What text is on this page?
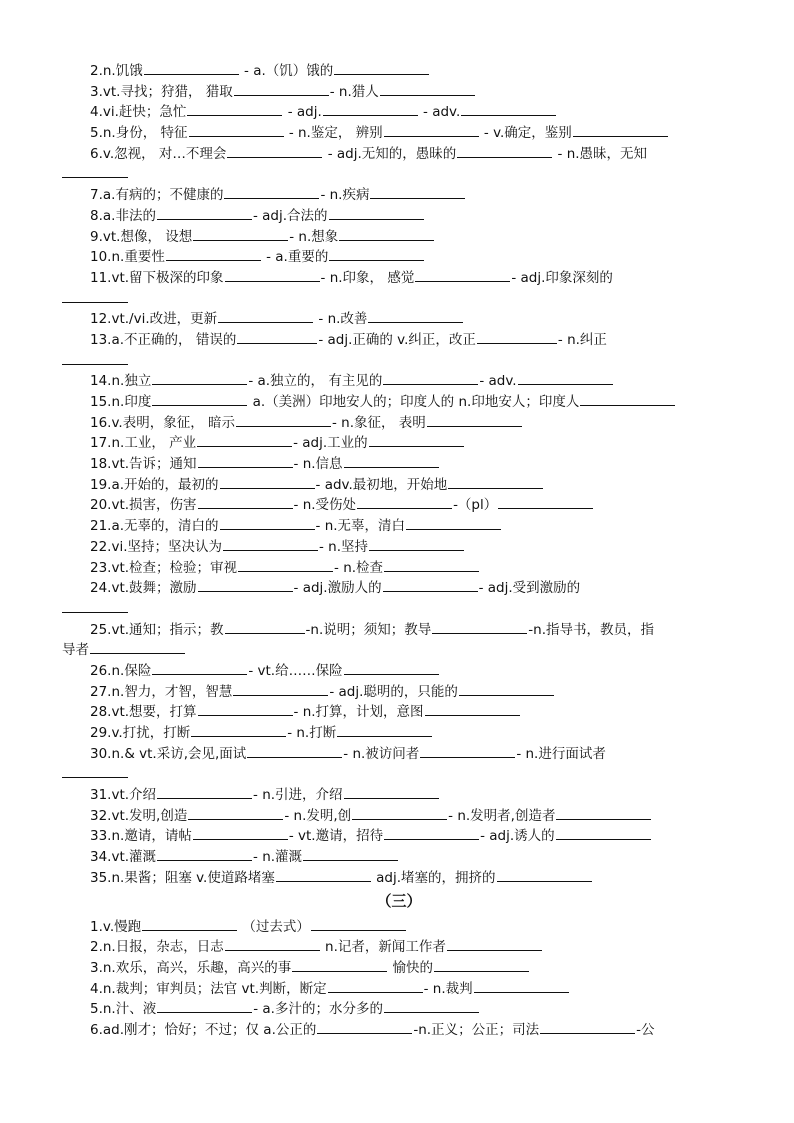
2.n.饥饿	- a.（饥）饿的
3.vt.寻找；狩猎， 猎取	- n.猎人
4.vi.赶快；急忙	- adj.	- adv.
5.n.身份， 特征	- n.鉴定， 辨别	- v.确定，鉴别
6.v.忽视， 对…不理会	- adj.无知的，愚昧的	- n.愚昧，无知
7.a.有病的；不健康的	- n.疾病
8.a.非法的	- adj.合法的
9.vt.想像， 设想	- n.想象
10.n.重要性	- a.重要的
11.vt.留下极深的印象	- n.印象， 感觉	- adj.印象深刻的
12.vt./vi.改进，更新	- n.改善
13.a.不正确的， 错误的	- adj.正确的 v.纠正，改正	- n.纠正
14.n.独立	- a.独立的， 有主见的	- adv.
15.n.印度	a.（美洲）印地安人的；印度人的 n.印地安人；印度人
16.v.表明，象征， 暗示	- n.象征， 表明
17.n.工业， 产业	- adj.工业的
18.vt.告诉；通知	- n.信息
19.a.开始的，最初的	- adv.最初地，开始地
20.vt.损害，伤害	- n.受伤处	-（pl）
21.a.无辜的，清白的	- n.无辜，清白
22.vi.坚持；坚决认为	- n.坚持
23.vt.检查；检验；审视	- n.检查
24.vt.鼓舞；激励	- adj.激励人的	- adj.受到激励的
25.vt.通知；指示；教	-n.说明；须知；教导	-n.指导书，教员，指
导者
26.n.保险	- vt.给……保险
27.n.智力，才智，智慧	- adj.聪明的，只能的
28.vt.想要，打算	- n.打算，计划，意图
29.v.打扰，打断	- n.打断
30.n.& vt.采访,会见,面试	- n.被访问者	- n.进行面试者
31.vt.介绍	- n.引进，介绍
32.vt.发明,创造	- n.发明,创	- n.发明者,创造者
33.n.邀请，请帖	- vt.邀请，招待	- adj.诱人的
34.vt.灌溉	- n.灌溉
35.n.果酱；阻塞 v.使道路堵塞	adj.堵塞的，拥挤的
（三）
1.v.慢跑	（过去式）
2.n.日报，杂志，日志	n.记者，新闻工作者
3.n.欢乐，高兴，乐趣，高兴的事	愉快的
4.n.裁判；审判员；法官 vt.判断，断定	- n.裁判
5.n.汁、液	- a.多汁的；水分多的
6.ad.刚才；恰好；不过；仅 a.公正的	-n.正义；公正；司法	-公
